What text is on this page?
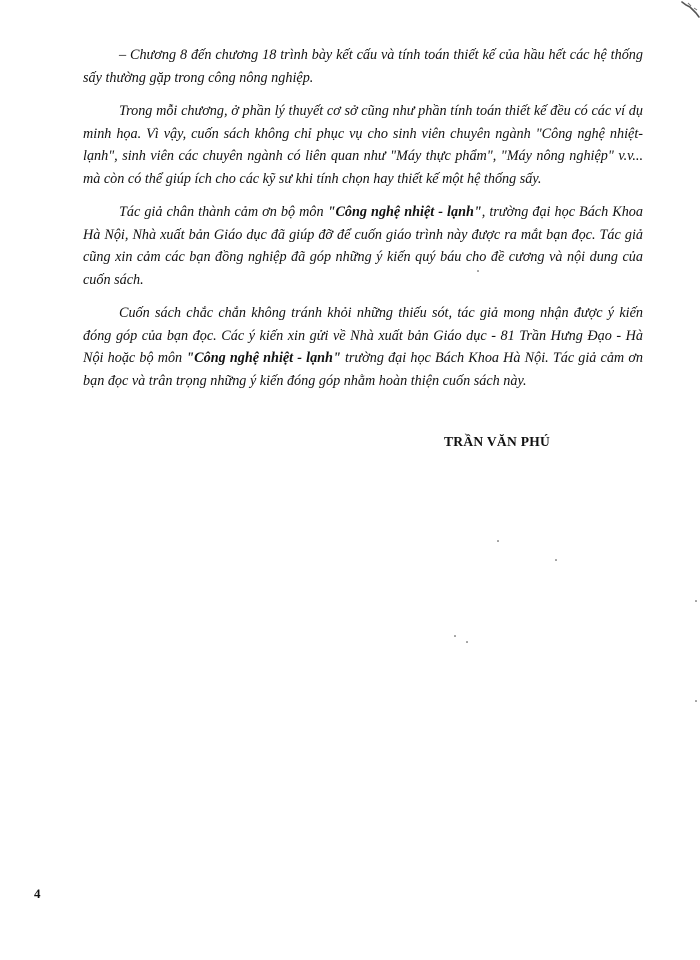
– Chương 8 đến chương 18 trình bày kết cấu và tính toán thiết kế của hầu hết các hệ thống sấy thường gặp trong công nông nghiệp.

Trong mỗi chương, ở phần lý thuyết cơ sở cũng như phần tính toán thiết kế đều có các ví dụ minh họa. Vì vậy, cuốn sách không chỉ phục vụ cho sinh viên chuyên ngành "Công nghệ nhiệt-lạnh", sinh viên các chuyên ngành có liên quan như "Máy thực phẩm", "Máy nông nghiệp" v.v... mà còn có thể giúp ích cho các kỹ sư khi tính chọn hay thiết kế một hệ thống sấy.

Tác giả chân thành cảm ơn bộ môn "Công nghệ nhiệt - lạnh", trường đại học Bách Khoa Hà Nội, Nhà xuất bản Giáo dục đã giúp đỡ để cuốn giáo trình này được ra mắt bạn đọc. Tác giả cũng xin cảm các bạn đồng nghiệp đã góp những ý kiến quý báu cho đề cương và nội dung của cuốn sách.

Cuốn sách chắc chắn không tránh khỏi những thiếu sót, tác giả mong nhận được ý kiến đóng góp của bạn đọc. Các ý kiến xin gửi về Nhà xuất bản Giáo dục - 81 Trần Hưng Đạo - Hà Nội hoặc bộ môn "Công nghệ nhiệt - lạnh" trường đại học Bách Khoa Hà Nội. Tác giả cảm ơn bạn đọc và trân trọng những ý kiến đóng góp nhằm hoàn thiện cuốn sách này.

TRẦN VĂN PHÚ
4
